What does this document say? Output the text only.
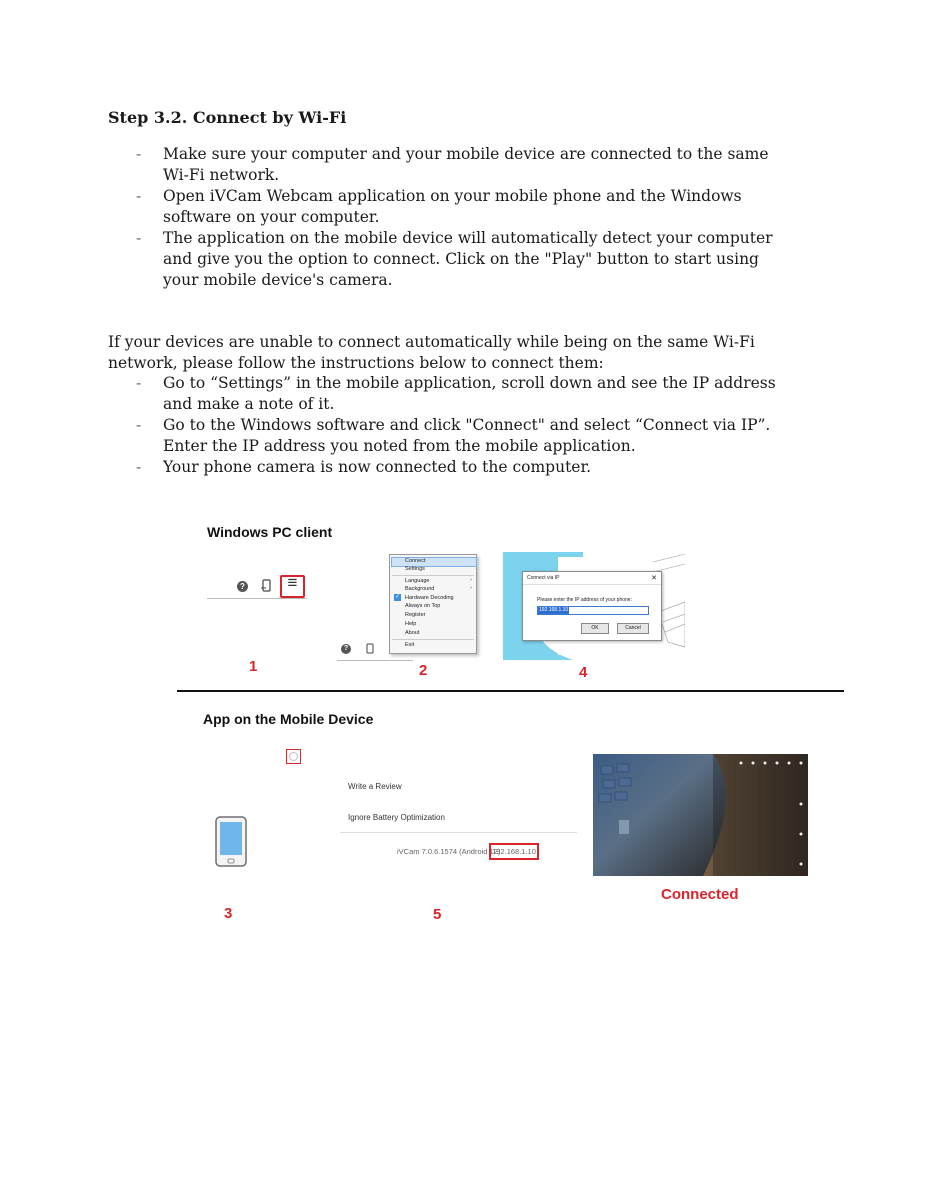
Step 3.2. Connect by Wi-Fi
- Make sure your computer and your mobile device are connected to the same
Wi-Fi network.
- Open iVCam Webcam application on your mobile phone and the Windows
software on your computer.
- The application on the mobile device will automatically detect your computer
and give you the option to connect. Click on the "Play" button to start using
your mobile device's camera.
If your devices are unable to connect automatically while being on the same Wi-Fi
network, please follow the instructions below to connect them:
- Go to “Settings” in the mobile application, scroll down and see the IP address
and make a note of it.
- Go to the Windows software and click "Connect" and select “Connect via IP”.
Enter the IP address you noted from the mobile application.
- Your phone camera is now connected to the computer.
Windows PC client
?	≡
1
?
Connect
Settings
Language	›
Background	›
✓ Hardware Decoding
Always on Top
Register
Help
About
Exit
2
Connect via IP	✕
Please enter the IP address of your phone:
192.168.1.10
OK	Cancel
4
App on the Mobile Device
3
Write a Review
Ignore Battery Optimization
iVCam 7.0.6.1574 (Android 12)
192.168.1.10
5
Connected
